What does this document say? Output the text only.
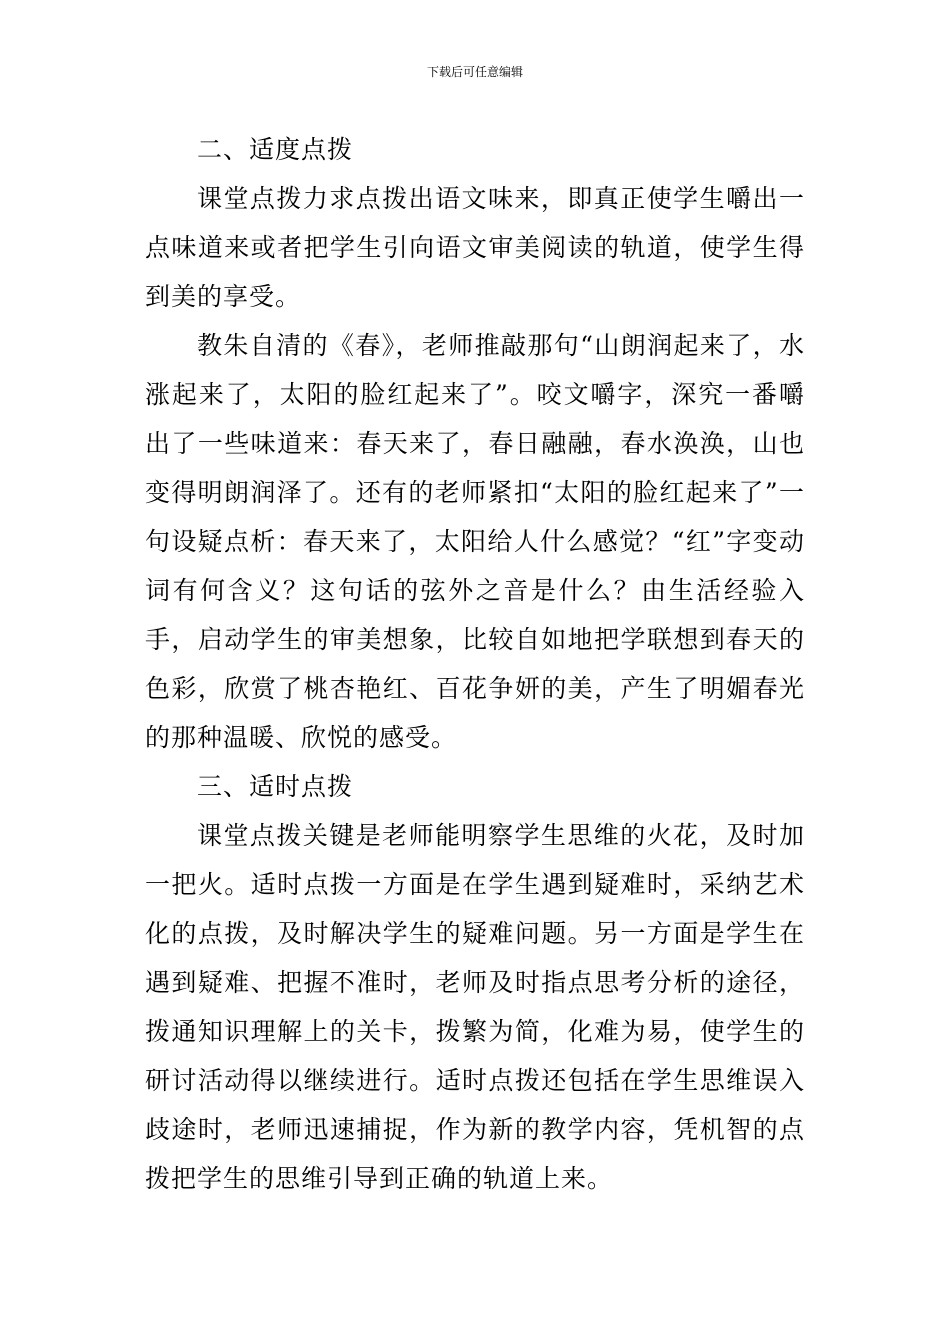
下载后可任意编辑

二、适度点拨

课堂点拨力求点拨出语文味来，即真正使学生嚼出一点味道来或者把学生引向语文审美阅读的轨道，使学生得到美的享受。

教朱自清的《春》，老师推敲那句“山朗润起来了，水涨起来了，太阳的脸红起来了”。咬文嚼字，深究一番嚼出了一些味道来：春天来了，春日融融，春水涣涣，山也变得明朗润泽了。还有的老师紧扣“太阳的脸红起来了”一句设疑点析：春天来了，太阳给人什么感觉？“红”字变动词有何含义？这句话的弦外之音是什么？由生活经验入手，启动学生的审美想象，比较自如地把学联想到春天的色彩，欣赏了桃杏艳红、百花争妍的美，产生了明媚春光的那种温暖、欣悦的感受。

三、适时点拨

课堂点拨关键是老师能明察学生思维的火花，及时加一把火。适时点拨一方面是在学生遇到疑难时，采纳艺术化的点拨，及时解决学生的疑难问题。另一方面是学生在遇到疑难、把握不准时，老师及时指点思考分析的途径，拨通知识理解上的关卡，拨繁为简，化难为易，使学生的研讨活动得以继续进行。适时点拨还包括在学生思维误入歧途时，老师迅速捕捉，作为新的教学内容，凭机智的点拨把学生的思维引导到正确的轨道上来。
